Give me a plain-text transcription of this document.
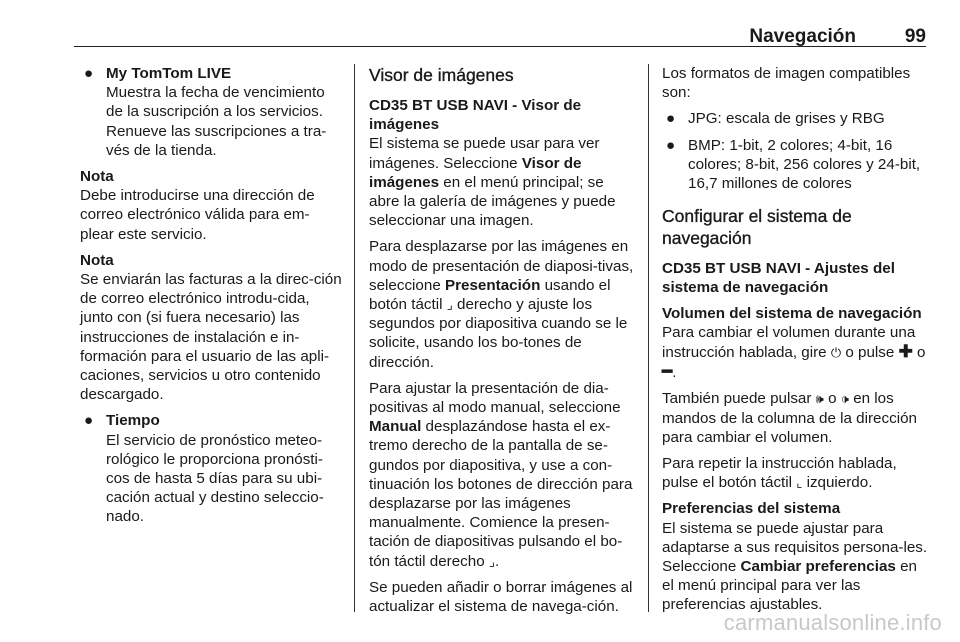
Navegación	99
● My TomTom LIVE
Muestra la fecha de vencimiento de la suscripción a los servicios. Renueve las suscripciones a tra-vés de la tienda.

Nota
Debe introducirse una dirección de correo electrónico válida para em-plear este servicio.

Nota
Se enviarán las facturas a la direc-ción de correo electrónico introdu-cida, junto con (si fuera necesario) las instrucciones de instalación e in-formación para el usuario de las apli-caciones, servicios u otro contenido descargado.

● Tiempo
El servicio de pronóstico meteo-rológico le proporciona pronósti-cos de hasta 5 días para su ubi-cación actual y destino seleccio-nado.
Visor de imágenes
CD35 BT USB NAVI - Visor de imágenes

El sistema se puede usar para ver imágenes. Seleccione Visor de imágenes en el menú principal; se abre la galería de imágenes y puede seleccionar una imagen.

Para desplazarse por las imágenes en modo de presentación de diaposi-tivas, seleccione Presentación usando el botón táctil ⌟ derecho y ajuste los segundos por diapositiva cuando se le solicite, usando los bo-tones de dirección.

Para ajustar la presentación de dia-positivas al modo manual, seleccione Manual desplazándose hasta el ex-tremo derecho de la pantalla de se-gundos por diapositiva, y use a con-tinuación los botones de dirección para desplazarse por las imágenes manualmente. Comience la presen-tación de diapositivas pulsando el bo-tón táctil derecho ⌟.

Se pueden añadir o borrar imágenes al actualizar el sistema de navega-ción.

Los formatos de imagen compatibles son:

● JPG: escala de grises y RBG
● BMP: 1-bit, 2 colores; 4-bit, 16 colores; 8-bit, 256 colores y 24-bit, 16,7 millones de colores
Configurar el sistema de navegación
CD35 BT USB NAVI - Ajustes del sistema de navegación

Volumen del sistema de navegación
Para cambiar el volumen durante una instrucción hablada, gire ⏻ o pulse ✚ o ━.

También puede pulsar 🕪 o 🕩 en los mandos de la columna de la dirección para cambiar el volumen.

Para repetir la instrucción hablada, pulse el botón táctil ⌞ izquierdo.

Preferencias del sistema
El sistema se puede ajustar para adaptarse a sus requisitos persona-les. Seleccione Cambiar preferencias en el menú principal para ver las preferencias ajustables.

carmanualsonline.info
